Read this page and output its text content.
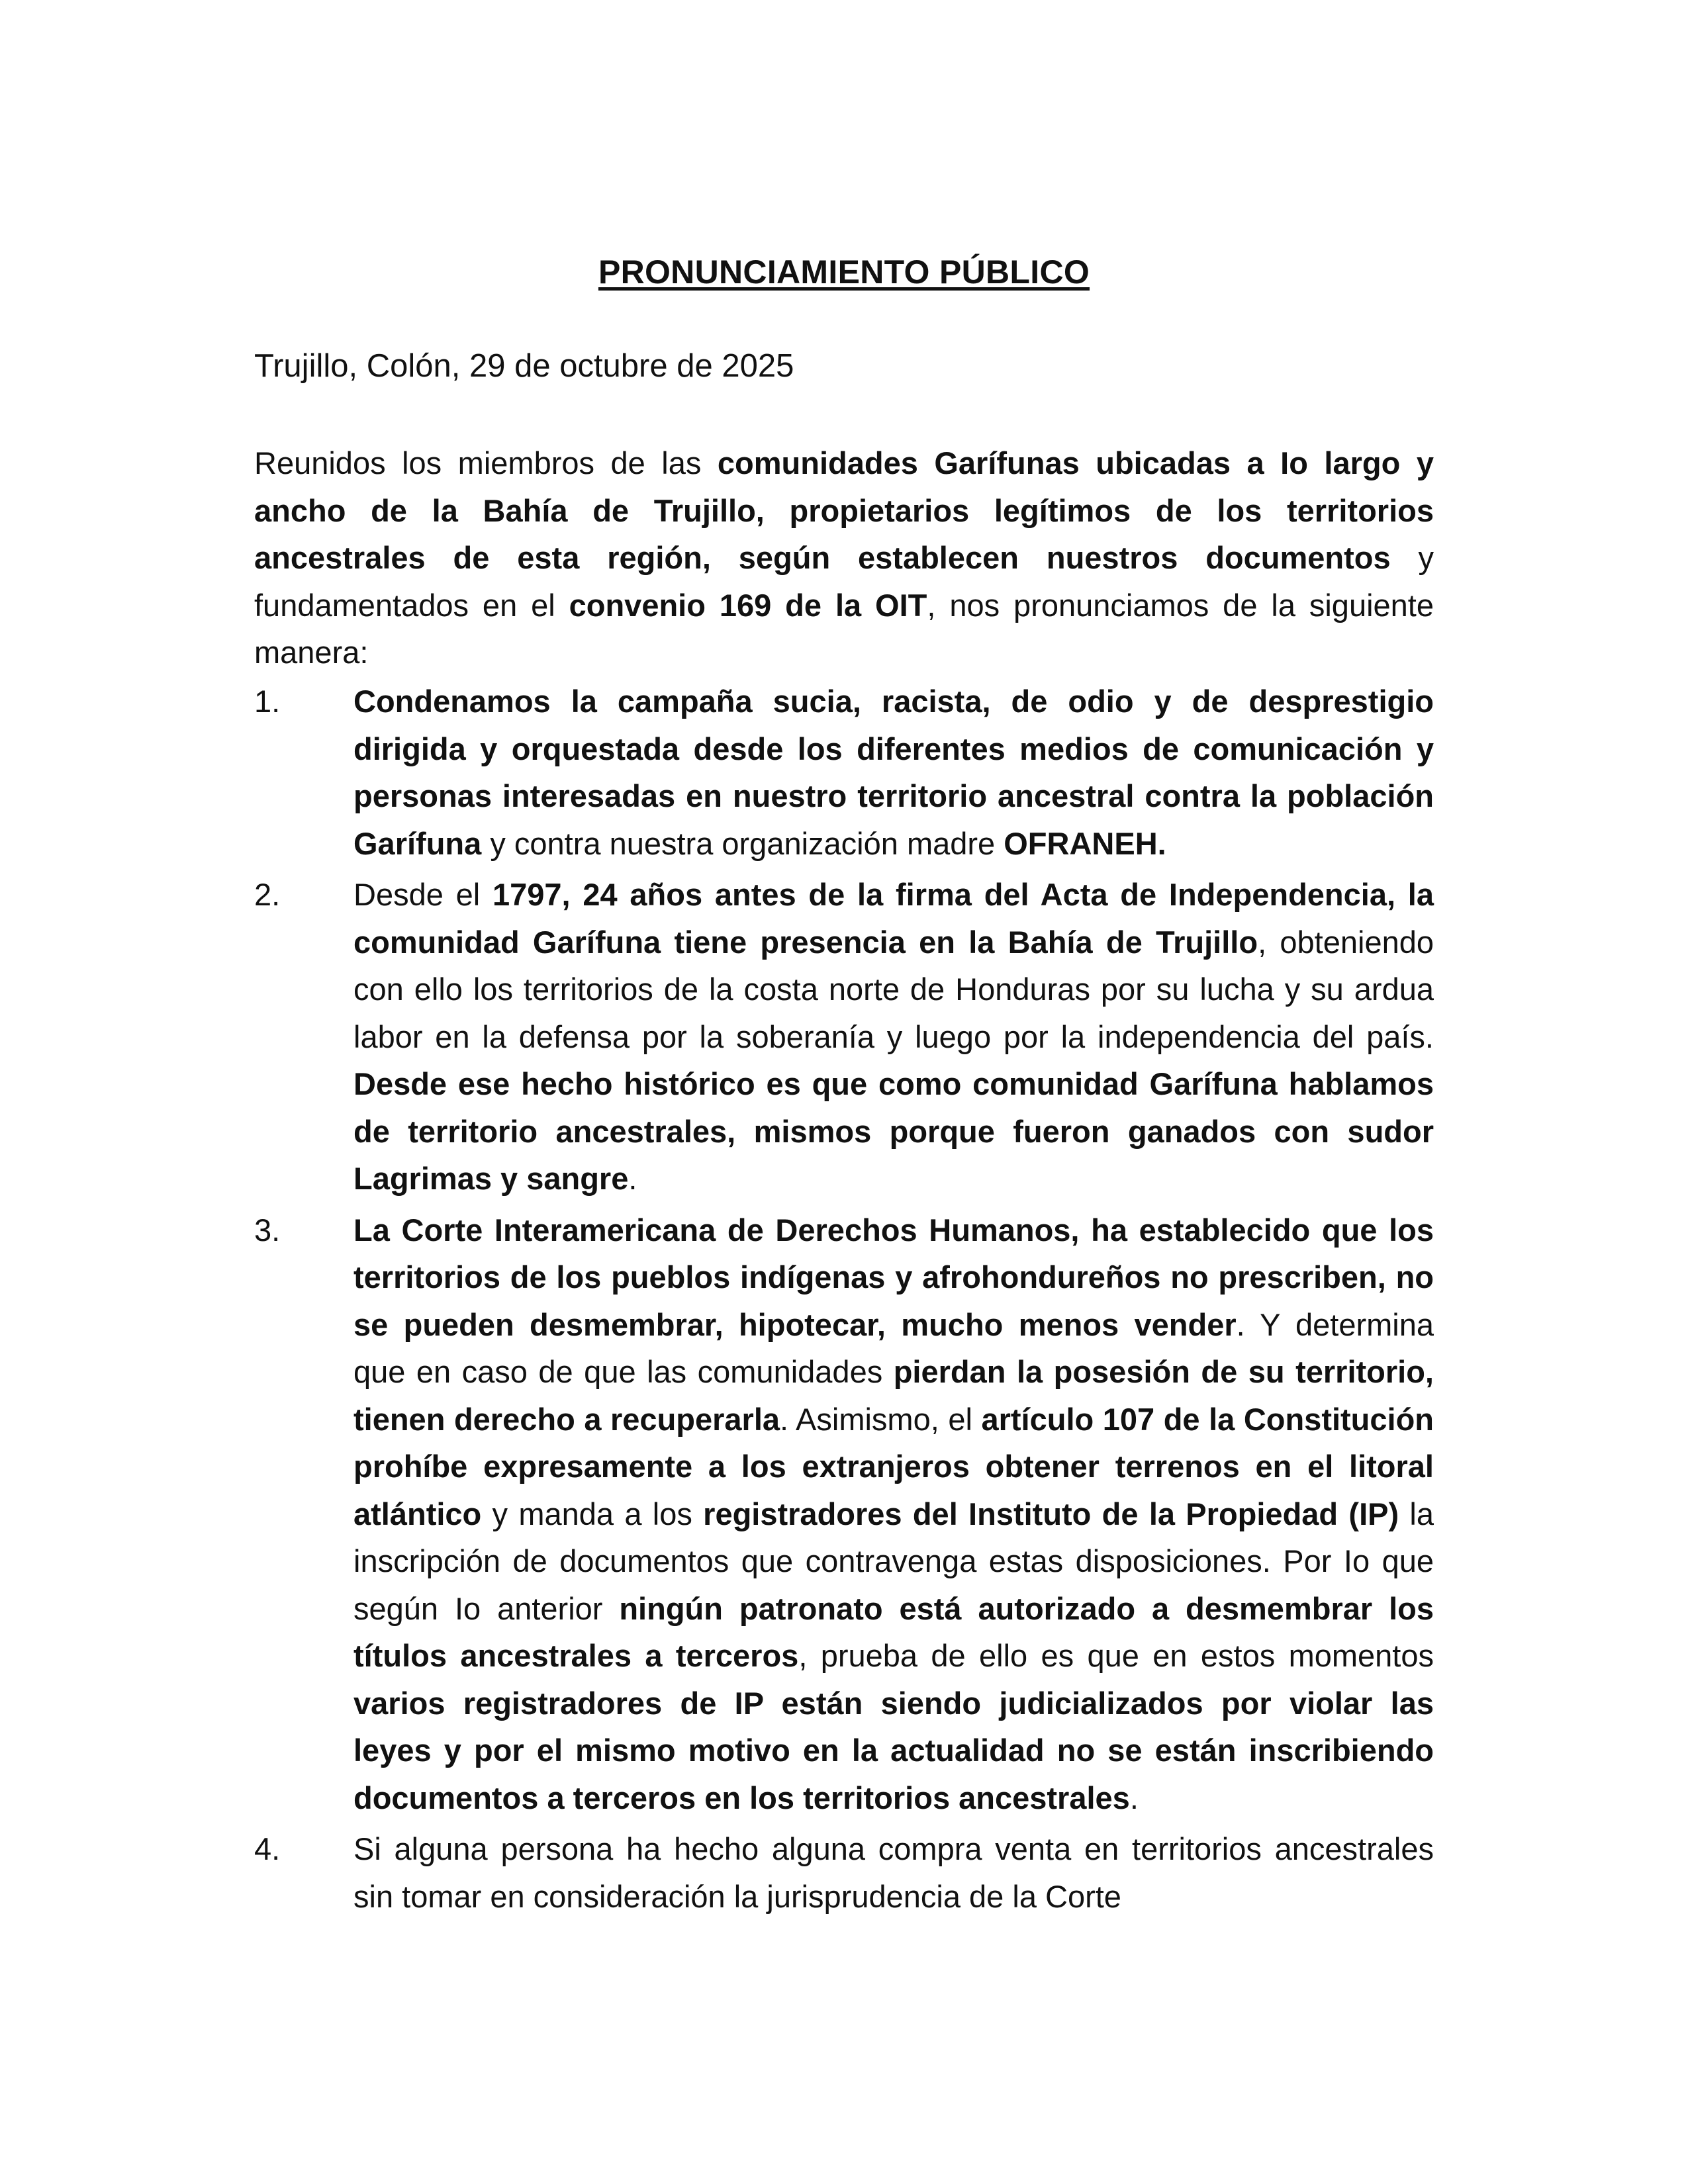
PRONUNCIAMIENTO PÚBLICO
Trujillo, Colón, 29 de octubre de 2025
Reunidos los miembros de las comunidades Garífunas ubicadas a Io largo y ancho de la Bahía de Trujillo, propietarios legítimos de los territorios ancestrales de esta región, según establecen nuestros documentos y fundamentados en el convenio 169 de la OIT, nos pronunciamos de la siguiente manera:
1. Condenamos la campaña sucia, racista, de odio y de desprestigio dirigida y orquestada desde los diferentes medios de comunicación y personas interesadas en nuestro territorio ancestral contra la población Garífuna y contra nuestra organización madre OFRANEH.
2. Desde el 1797, 24 años antes de la firma del Acta de Independencia, la comunidad Garífuna tiene presencia en la Bahía de Trujillo, obteniendo con ello los territorios de la costa norte de Honduras por su lucha y su ardua labor en la defensa por la soberanía y luego por la independencia del país. Desde ese hecho histórico es que como comunidad Garífuna hablamos de territorio ancestrales, mismos porque fueron ganados con sudor Lagrimas y sangre.
3. La Corte Interamericana de Derechos Humanos, ha establecido que los territorios de los pueblos indígenas y afrohondureños no prescriben, no se pueden desmembrar, hipotecar, mucho menos vender. Y determina que en caso de que las comunidades pierdan la posesión de su territorio, tienen derecho a recuperarla. Asimismo, el artículo 107 de la Constitución prohíbe expresamente a los extranjeros obtener terrenos en el litoral atlántico y manda a los registradores del Instituto de la Propiedad (IP) la inscripción de documentos que contravenga estas disposiciones. Por Io que según Io anterior ningún patronato está autorizado a desmembrar los títulos ancestrales a terceros, prueba de ello es que en estos momentos varios registradores de IP están siendo judicializados por violar las leyes y por el mismo motivo en la actualidad no se están inscribiendo documentos a terceros en los territorios ancestrales.
4. Si alguna persona ha hecho alguna compra venta en territorios ancestrales sin tomar en consideración la jurisprudencia de la Corte
